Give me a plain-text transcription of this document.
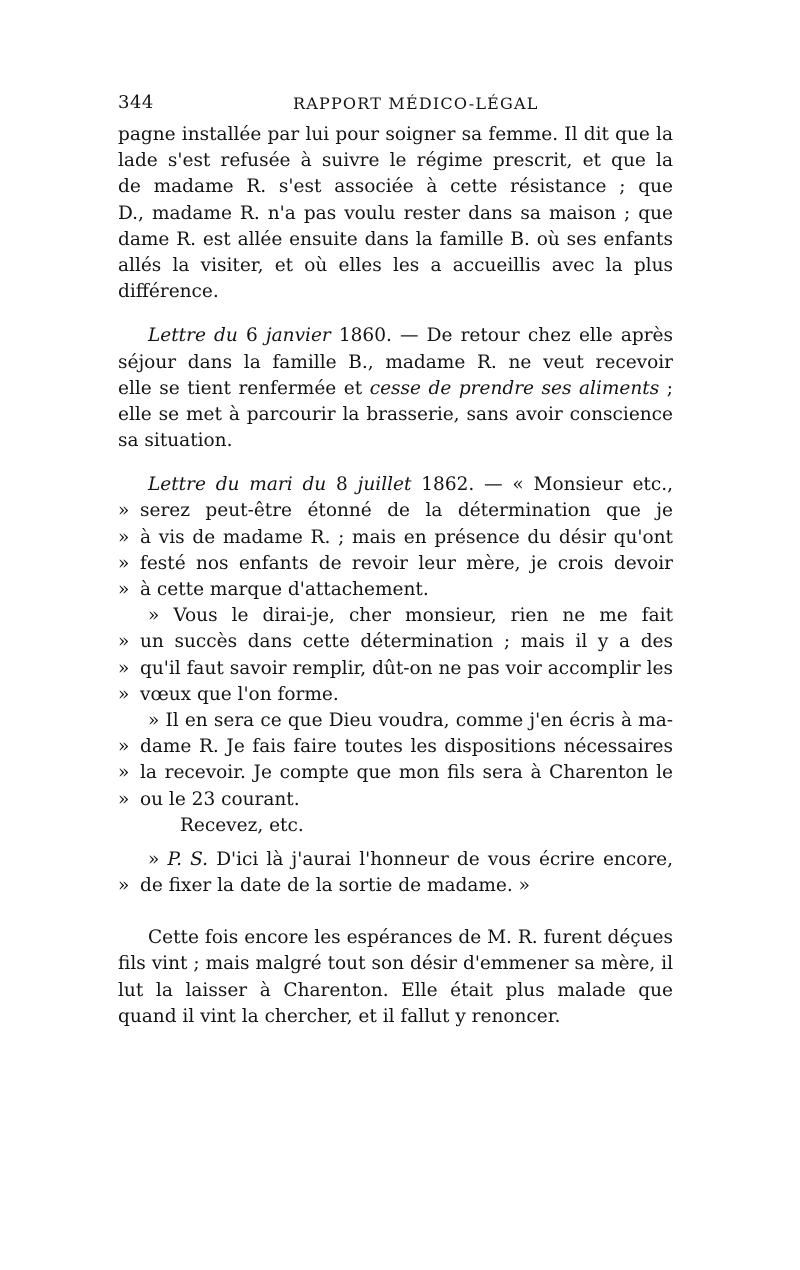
344	RAPPORT MÉDICO-LÉGAL
pagne installée par lui pour soigner sa femme. Il dit que la
lade s'est refusée à suivre le régime prescrit, et que la
de madame R. s'est associée à cette résistance ; que
D., madame R. n'a pas voulu rester dans sa maison ; que
dame R. est allée ensuite dans la famille B. où ses enfants
allés la visiter, et où elles les a accueillis avec la plus
différence.
Lettre du 6 janvier 1860. — De retour chez elle après
séjour dans la famille B., madame R. ne veut recevoir
elle se tient renfermée et cesse de prendre ses aliments ;
elle se met à parcourir la brasserie, sans avoir conscience
sa situation.
Lettre du mari du 8 juillet 1862. — « Monsieur etc.,
» serez peut-être étonné de la détermination que je
» à vis de madame R. ; mais en présence du désir qu'ont
» festé nos enfants de revoir leur mère, je crois devoir
» à cette marque d'attachement.
» Vous le dirai-je, cher monsieur, rien ne me fait
» un succès dans cette détermination ; mais il y a des
» qu'il faut savoir remplir, dût-on ne pas voir accomplir les
» vœux que l'on forme.
» Il en sera ce que Dieu voudra, comme j'en écris à ma-
» dame R. Je fais faire toutes les dispositions nécessaires
» la recevoir. Je compte que mon fils sera à Charenton le
» ou le 23 courant.
Recevez, etc.
» P. S. D'ici là j'aurai l'honneur de vous écrire encore,
» de fixer la date de la sortie de madame. »
Cette fois encore les espérances de M. R. furent déçues
fils vint ; mais malgré tout son désir d'emmener sa mère, il
lut la laisser à Charenton. Elle était plus malade que
quand il vint la chercher, et il fallut y renoncer.
